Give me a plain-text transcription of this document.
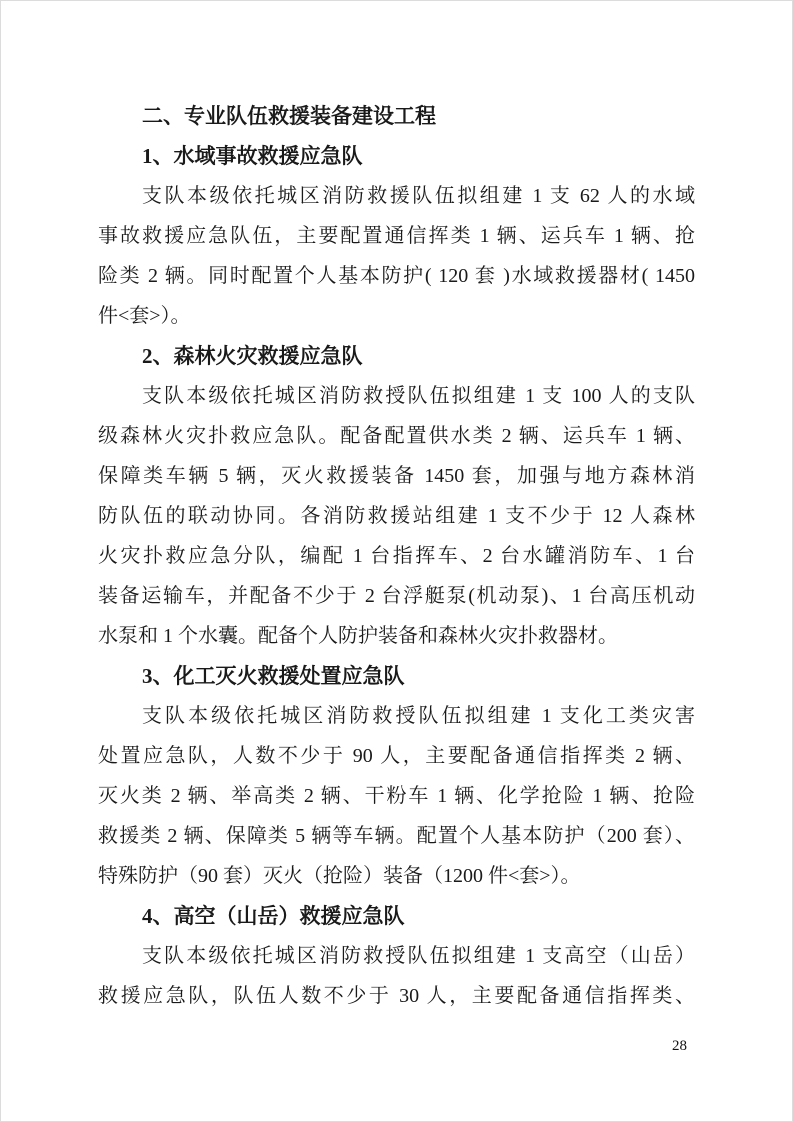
二、专业队伍救援装备建设工程
1、水域事故救援应急队
支队本级依托城区消防救援队伍拟组建 1 支 62 人的水域
事故救援应急队伍，主要配置通信挥类 1 辆、运兵车 1 辆、抢
险类 2 辆。同时配置个人基本防护( 120 套 )水域救援器材( 1450
件<套>）。
2、森林火灾救援应急队
支队本级依托城区消防救授队伍拟组建 1 支 100 人的支队
级森林火灾扑救应急队。配备配置供水类 2 辆、运兵车 1 辆、
保障类车辆 5 辆，灭火救援装备 1450 套，加强与地方森林消
防队伍的联动协同。各消防救援站组建 1 支不少于 12 人森林
火灾扑救应急分队，编配 1 台指挥车、2 台水罐消防车、1 台
装备运输车，并配备不少于 2 台浮艇泵(机动泵)、1 台高压机动
水泵和 1 个水囊。配备个人防护装备和森林火灾扑救器材。
3、化工灭火救援处置应急队
支队本级依托城区消防救授队伍拟组建 1 支化工类灾害
处置应急队，人数不少于 90 人，主要配备通信指挥类 2 辆、
灭火类 2 辆、举高类 2 辆、干粉车 1 辆、化学抢险 1 辆、抢险
救援类 2 辆、保障类 5 辆等车辆。配置个人基本防护（200 套）、
特殊防护（90 套）灭火（抢险）装备（1200 件<套>）。
4、高空（山岳）救援应急队
支队本级依托城区消防救授队伍拟组建 1 支高空（山岳）
救援应急队，队伍人数不少于 30 人，主要配备通信指挥类、
28
